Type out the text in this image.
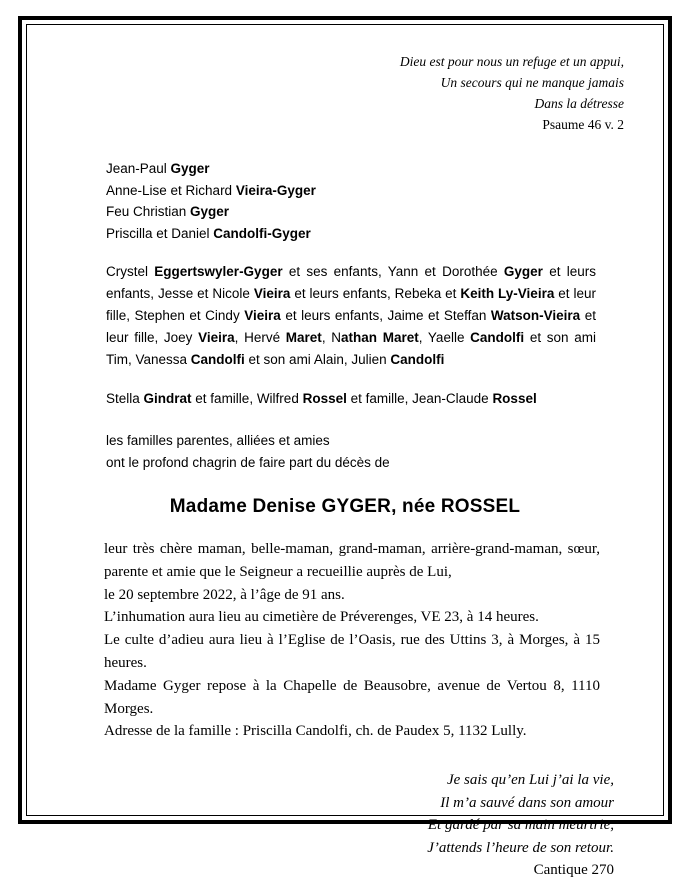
Dieu est pour nous un refuge et un appui,
Un secours qui ne manque jamais
Dans la détresse
Psaume 46 v. 2
Jean-Paul Gyger
Anne-Lise et Richard Vieira-Gyger
Feu Christian Gyger
Priscilla et Daniel Candolfi-Gyger
Crystel Eggertswyler-Gyger et ses enfants, Yann et Dorothée Gyger et leurs enfants, Jesse et Nicole Vieira et leurs enfants, Rebeka et Keith Ly-Vieira et leur fille, Stephen et Cindy Vieira et leurs enfants, Jaime et Steffan Watson-Vieira et leur fille, Joey Vieira, Hervé Maret, Nathan Maret, Yaelle Candolfi et son ami Tim, Vanessa Candolfi et son ami Alain, Julien Candolfi
Stella Gindrat et famille, Wilfred Rossel et famille, Jean-Claude Rossel
les familles parentes, alliées et amies
ont le profond chagrin de faire part du décès de
Madame Denise GYGER, née ROSSEL

leur très chère maman, belle-maman, grand-maman, arrière-grand-maman, sœur, parente et amie que le Seigneur a recueillie auprès de Lui,

le 20 septembre 2022, à l’âge de 91 ans.

L’inhumation aura lieu au cimetière de Préverenges, VE 23, à 14 heures.

Le culte d’adieu aura lieu à l’Eglise de l’Oasis, rue des Uttins 3, à Morges, à 15 heures.

Madame Gyger repose à la Chapelle de Beausobre, avenue de Vertou 8, 1110 Morges.

Adresse de la famille : Priscilla Candolfi, ch. de Paudex 5, 1132 Lully.

Je sais qu’en Lui j’ai la vie,
Il m’a sauvé dans son amour
Et gardé par sa main meurtrie,
J’attends l’heure de son retour.
Cantique 270
